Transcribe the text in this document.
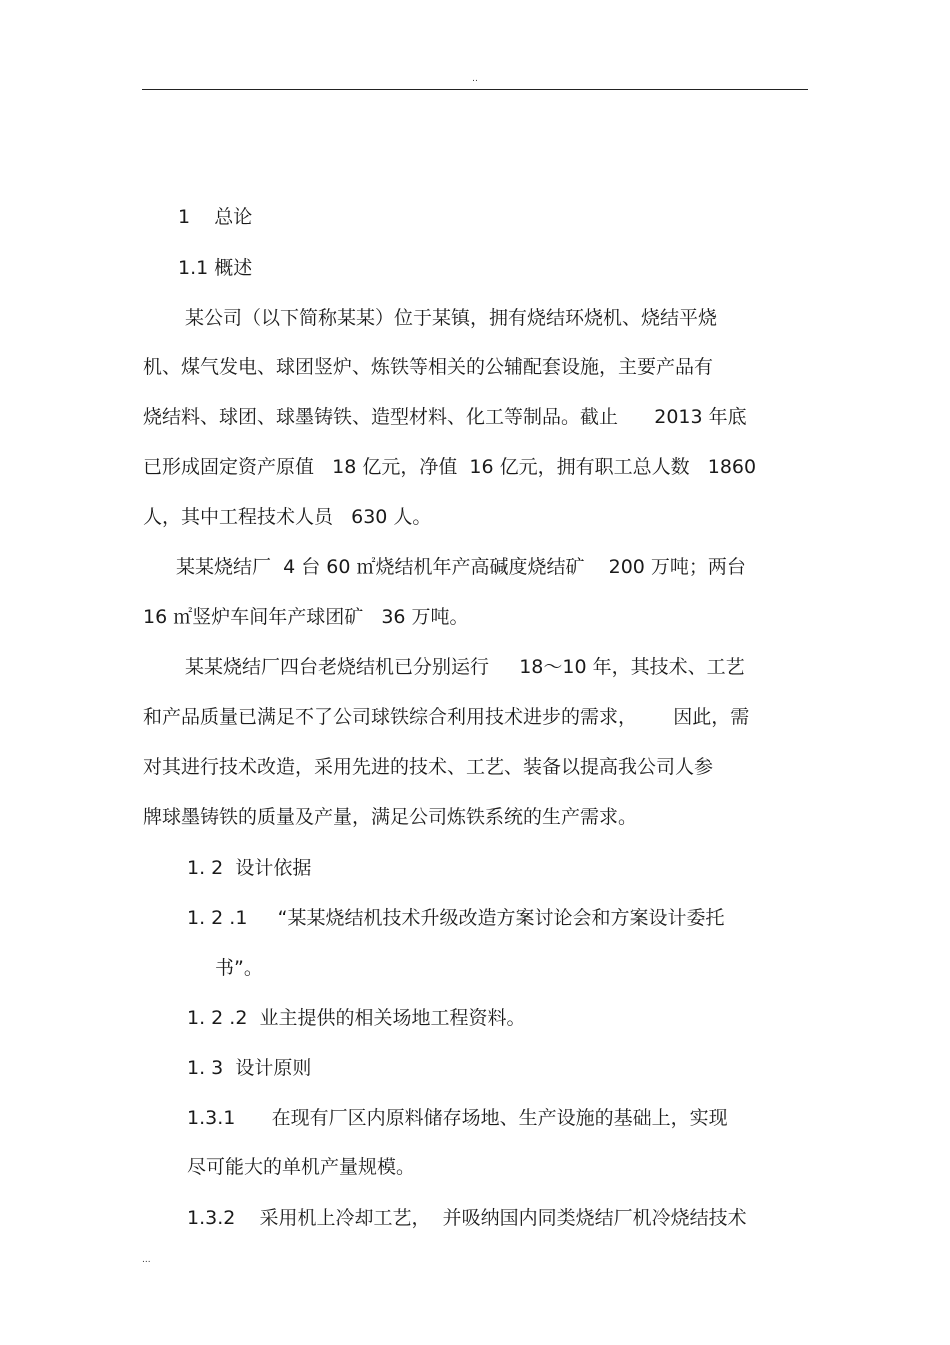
..
1    总论
1.1 概述
某公司（以下简称某某）位于某镇，拥有烧结环烧机、烧结平烧
机、煤气发电、球团竖炉、炼铁等相关的公辅配套设施，主要产品有
烧结料、球团、球墨铸铁、造型材料、化工等制品。截止      2013 年底
已形成固定资产原值   18 亿元，净值  16 亿元，拥有职工总人数   1860
人，其中工程技术人员   630 人。
某某烧结厂  4 台 60 ㎡烧结机年产高碱度烧结矿    200 万吨；两台
16 ㎡竖炉车间年产球团矿   36 万吨。
某某烧结厂四台老烧结机已分别运行     18～10 年，其技术、工艺
和产品质量已满足不了公司球铁综合利用技术进步的需求，      因此，需
对其进行技术改造，采用先进的技术、工艺、装备以提高我公司人参
牌球墨铸铁的质量及产量，满足公司炼铁系统的生产需求。
1. 2  设计依据
1. 2 .1     “某某烧结机技术升级改造方案讨论会和方案设计委托
书”。
1. 2 .2  业主提供的相关场地工程资料。
1. 3  设计原则
1.3.1      在现有厂区内原料储存场地、生产设施的基础上，实现
尽可能大的单机产量规模。
1.3.2    采用机上冷却工艺，  并吸纳国内同类烧结厂机冷烧结技术
...
